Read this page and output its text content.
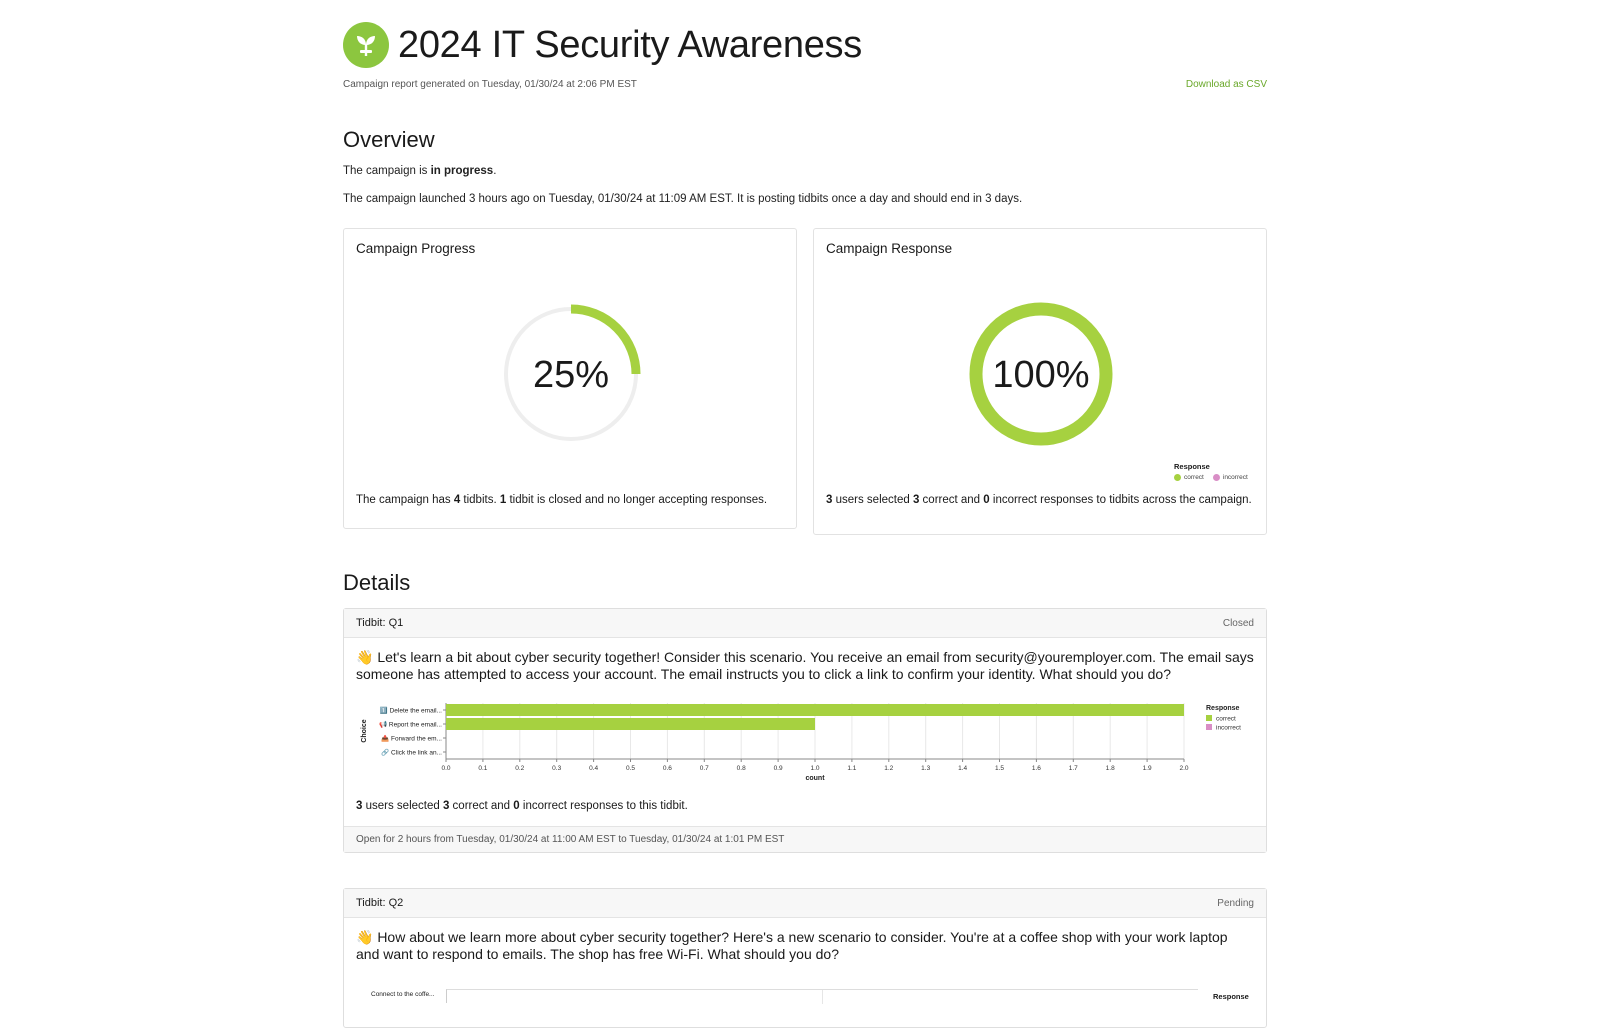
2024 IT Security Awareness
Campaign report generated on Tuesday, 01/30/24 at 2:06 PM EST	Download as CSV
Overview
The campaign is in progress.
The campaign launched 3 hours ago on Tuesday, 01/30/24 at 11:09 AM EST. It is posting tidbits once a day and should end in 3 days.
Campaign Progress
25%
The campaign has 4 tidbits. 1 tidbit is closed and no longer accepting responses.
Campaign Response
100%
Response
correct	incorrect
3 users selected 3 correct and 0 incorrect responses to tidbits across the campaign.
Details
Tidbit: Q1	Closed
👋 Let's learn a bit about cyber security together! Consider this scenario. You receive an email from security@youremployer.com. The email says someone has attempted to access your account. The email instructs you to click a link to confirm your identity. What should you do?
0.0	0.1	0.2	0.3	0.4	0.5	0.6	0.7	0.8	0.9	1.0	1.1	1.2	1.3	1.4	1.5	1.6	1.7	1.8	1.9	2.0
count
Choice
1️⃣ Delete the email...
📢 Report the email...
📤 Forward the em...
🔗 Click the link an...
Response
correct
incorrect
3 users selected 3 correct and 0 incorrect responses to this tidbit.
Open for 2 hours from Tuesday, 01/30/24 at 11:00 AM EST to Tuesday, 01/30/24 at 1:01 PM EST
Tidbit: Q2	Pending
👋 How about we learn more about cyber security together? Here's a new scenario to consider. You're at a coffee shop with your work laptop and want to respond to emails. The shop has free Wi-Fi. What should you do?
Connect to the coffe...	Response
